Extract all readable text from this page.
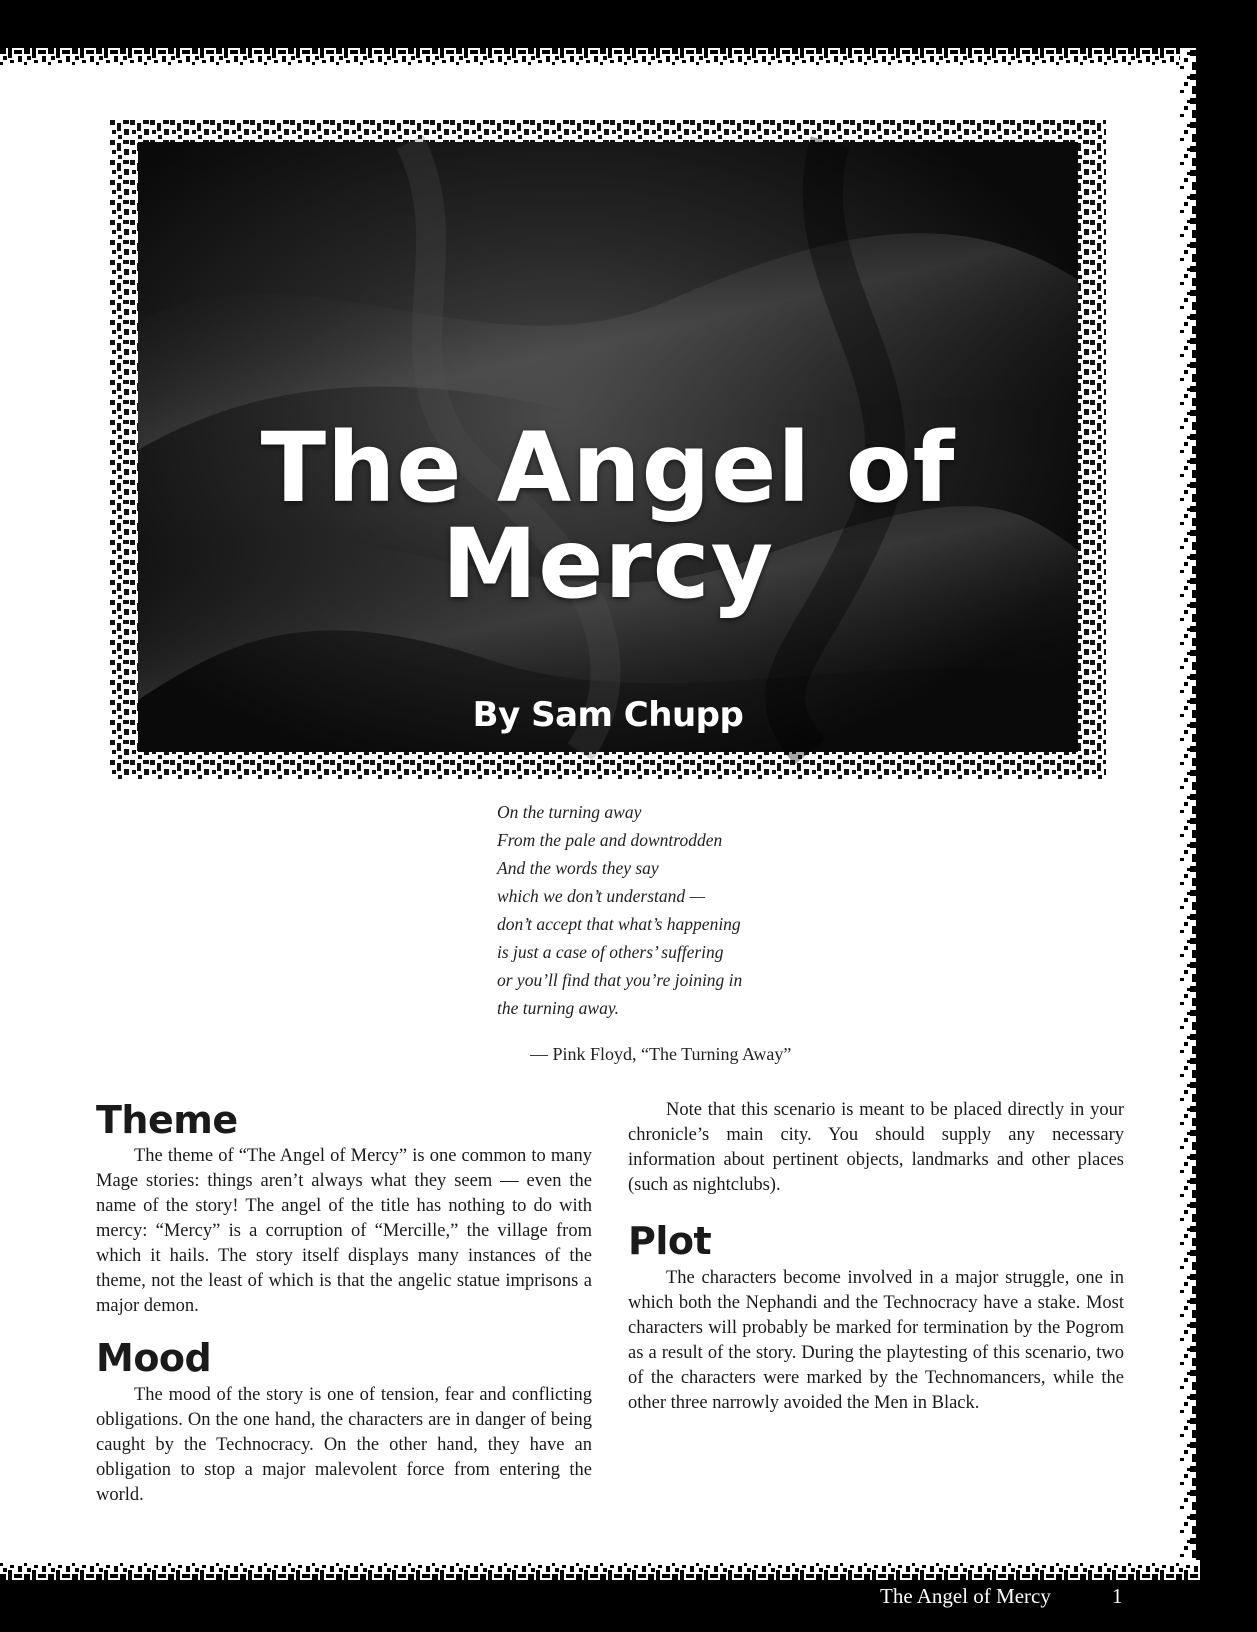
The Angel of
Mercy
By Sam Chupp
On the turning away
From the pale and downtrodden
And the words they say
which we don’t understand —
don’t accept that what’s happening
is just a case of others’ suffering
or you’ll find that you’re joining in
the turning away.
— Pink Floyd, “The Turning Away”
Theme

The theme of “The Angel of Mercy” is one common to many Mage stories: things aren’t always what they seem — even the name of the story! The angel of the title has nothing to do with mercy: “Mercy” is a corruption of “Mercille,” the village from which it hails. The story itself displays many instances of the theme, not the least of which is that the angelic statue imprisons a major demon.

Mood

The mood of the story is one of tension, fear and conflicting obligations. On the one hand, the characters are in danger of being caught by the Technocracy. On the other hand, they have an obligation to stop a major malevolent force from entering the world.

Note that this scenario is meant to be placed directly in your chronicle’s main city. You should supply any necessary information about pertinent objects, landmarks and other places (such as nightclubs).

Plot

The characters become involved in a major struggle, one in which both the Nephandi and the Technocracy have a stake. Most characters will probably be marked for termination by the Pogrom as a result of the story. During the playtesting of this scenario, two of the characters were marked by the Technomancers, while the other three narrowly avoided the Men in Black.

The Angel of Mercy	1
